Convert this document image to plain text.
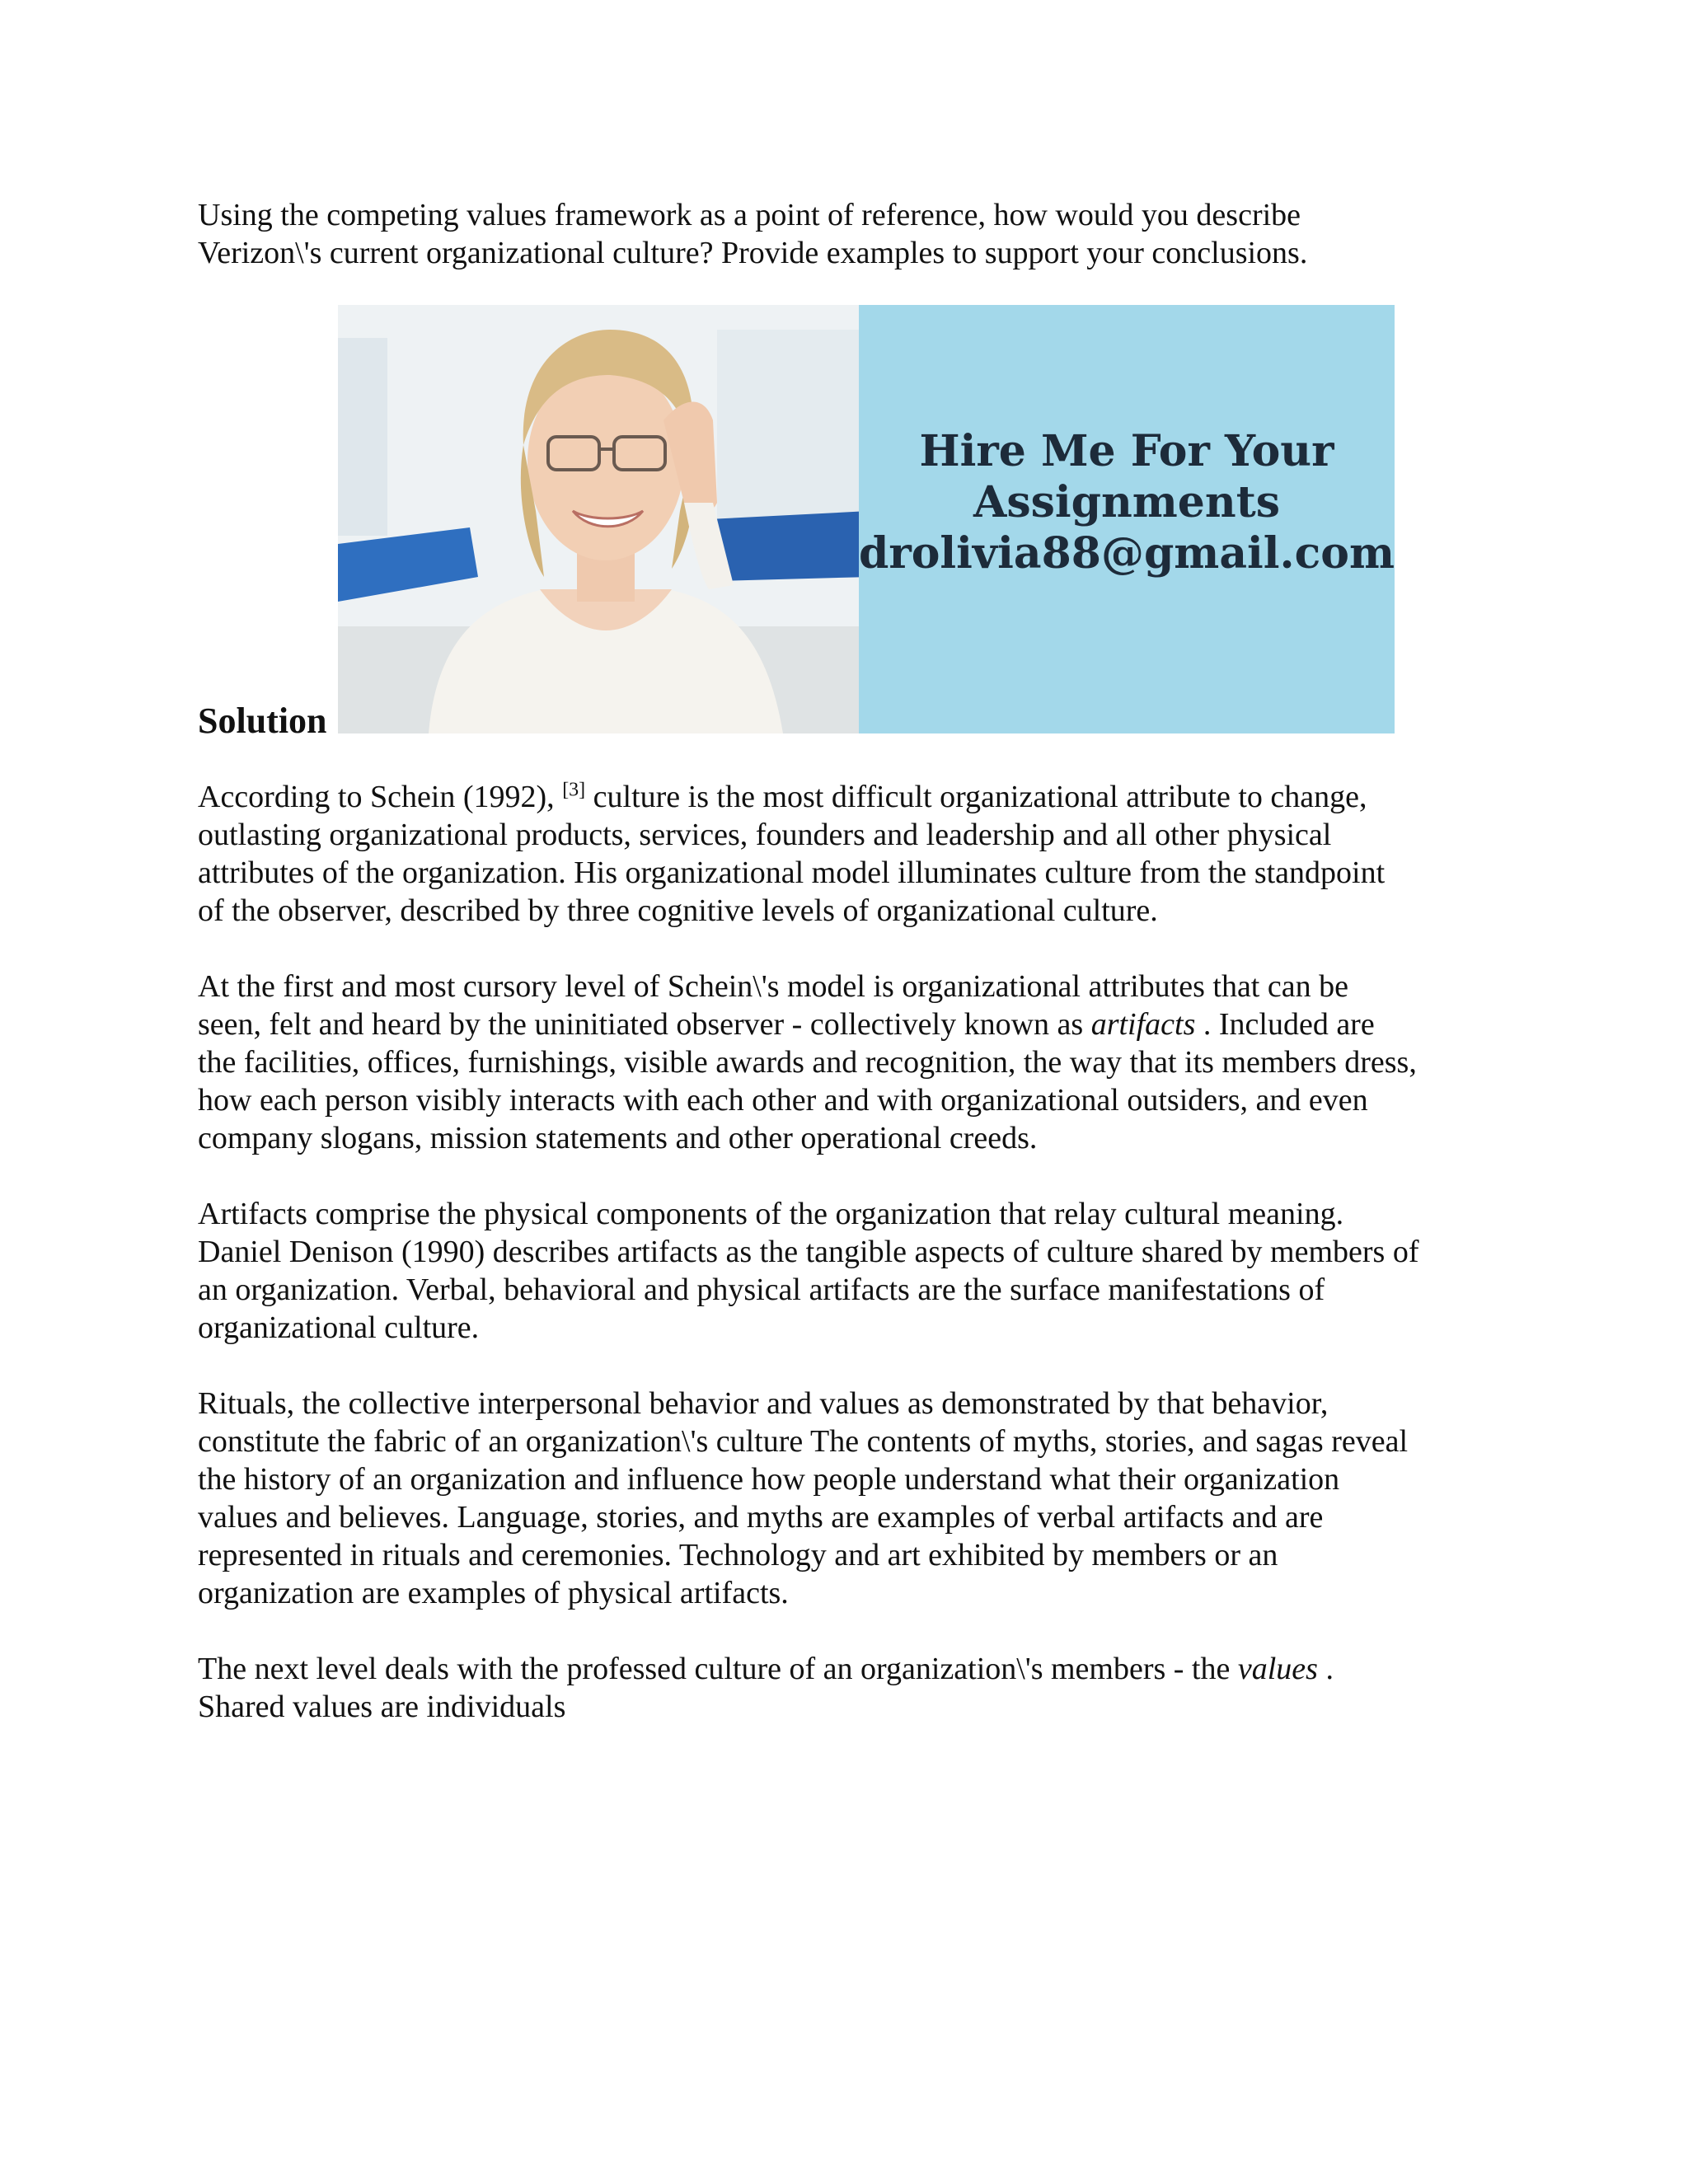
Using the competing values framework as a point of reference, how would you describe
Verizon\'s current organizational culture? Provide examples to support your conclusions.

Solution
Hire Me For Your
Assignments
drolivia88@gmail.com

According to Schein (1992), [3] culture is the most difficult organizational attribute to change,
outlasting organizational products, services, founders and leadership and all other physical
attributes of the organization. His organizational model illuminates culture from the standpoint
of the observer, described by three cognitive levels of organizational culture.

At the first and most cursory level of Schein\'s model is organizational attributes that can be
seen, felt and heard by the uninitiated observer - collectively known as artifacts . Included are
the facilities, offices, furnishings, visible awards and recognition, the way that its members dress,
how each person visibly interacts with each other and with organizational outsiders, and even
company slogans, mission statements and other operational creeds.

Artifacts comprise the physical components of the organization that relay cultural meaning.
Daniel Denison (1990) describes artifacts as the tangible aspects of culture shared by members of
an organization. Verbal, behavioral and physical artifacts are the surface manifestations of
organizational culture.

Rituals, the collective interpersonal behavior and values as demonstrated by that behavior,
constitute the fabric of an organization\'s culture The contents of myths, stories, and sagas reveal
the history of an organization and influence how people understand what their organization
values and believes. Language, stories, and myths are examples of verbal artifacts and are
represented in rituals and ceremonies. Technology and art exhibited by members or an
organization are examples of physical artifacts.

The next level deals with the professed culture of an organization\'s members - the values .
Shared values are individuals
